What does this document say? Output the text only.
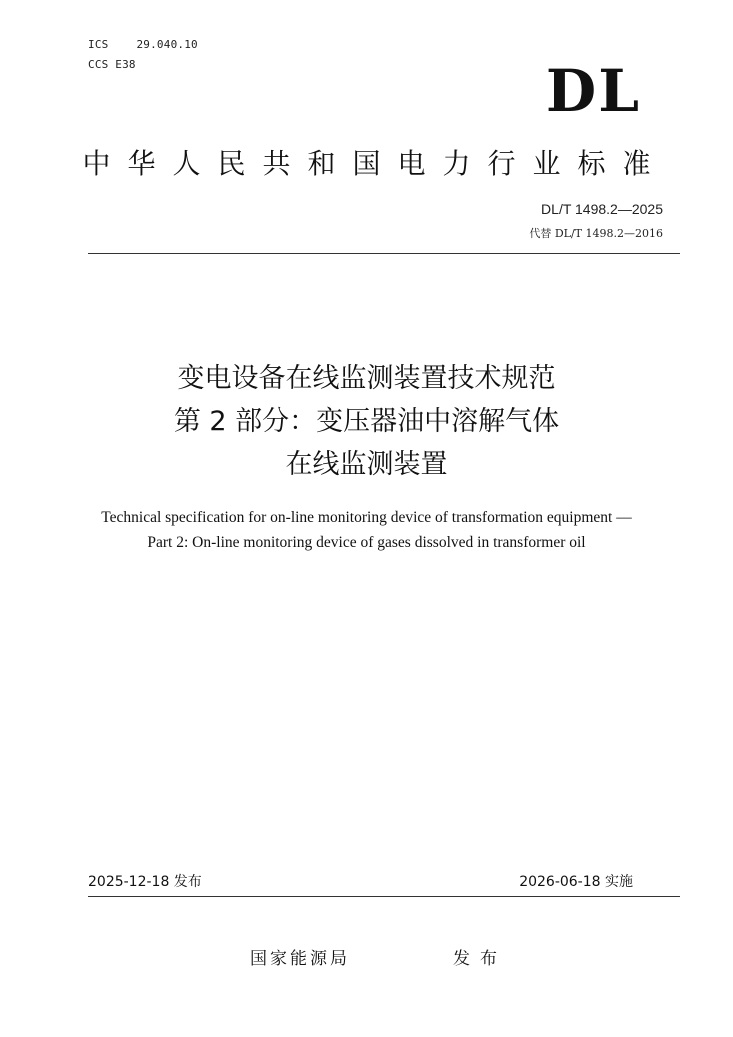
ICS	29.040.10
CCS E38	DL
中华人民共和国电力行业标准
DL/T 1498.2—2025
代替 DL/T 1498.2—2016
变电设备在线监测装置技术规范
第 2 部分：变压器油中溶解气体
在线监测装置
Technical specification for on-line monitoring device of transformation equipment —
Part 2: On-line monitoring device of gases dissolved in transformer oil
2025-12-18 发布	2026-06-18 实施
国家能源局	发布
